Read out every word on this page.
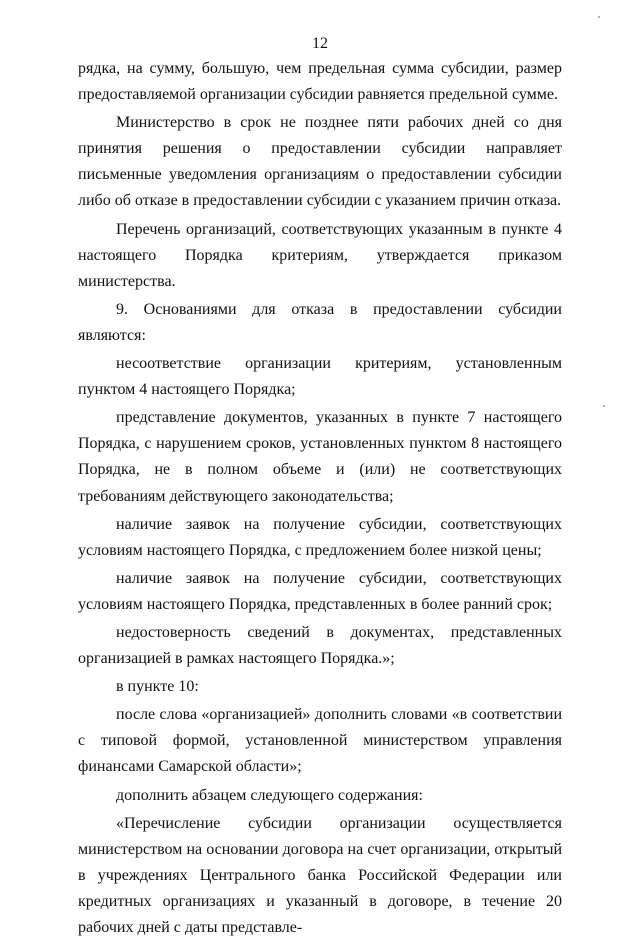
12

рядка, на сумму, большую, чем предельная сумма субсидии, размер предоставляемой организации субсидии равняется предельной сумме.

Министерство в срок не позднее пяти рабочих дней со дня принятия решения о предоставлении субсидии направляет письменные уведомления организациям о предоставлении субсидии либо об отказе в предоставлении субсидии с указанием причин отказа.

Перечень организаций, соответствующих указанным в пункте 4 настоящего Порядка критериям, утверждается приказом министерства.

9. Основаниями для отказа в предоставлении субсидии являются:

несоответствие организации критериям, установленным пунктом 4 настоящего Порядка;

представление документов, указанных в пункте 7 настоящего Порядка, с нарушением сроков, установленных пунктом 8 настоящего Порядка, не в полном объеме и (или) не соответствующих требованиям действующего законодательства;

наличие заявок на получение субсидии, соответствующих условиям настоящего Порядка, с предложением более низкой цены;

наличие заявок на получение субсидии, соответствующих условиям настоящего Порядка, представленных в более ранний срок;

недостоверность сведений в документах, представленных организацией в рамках настоящего Порядка.»;

в пункте 10:

после слова «организацией» дополнить словами «в соответствии с типовой формой, установленной министерством управления финансами Самарской области»;

дополнить абзацем следующего содержания:

«Перечисление субсидии организации осуществляется министерством на основании договора на счет организации, открытый в учреждениях Центрального банка Российской Федерации или кредитных организациях и указанный в договоре, в течение 20 рабочих дней с даты представле-
